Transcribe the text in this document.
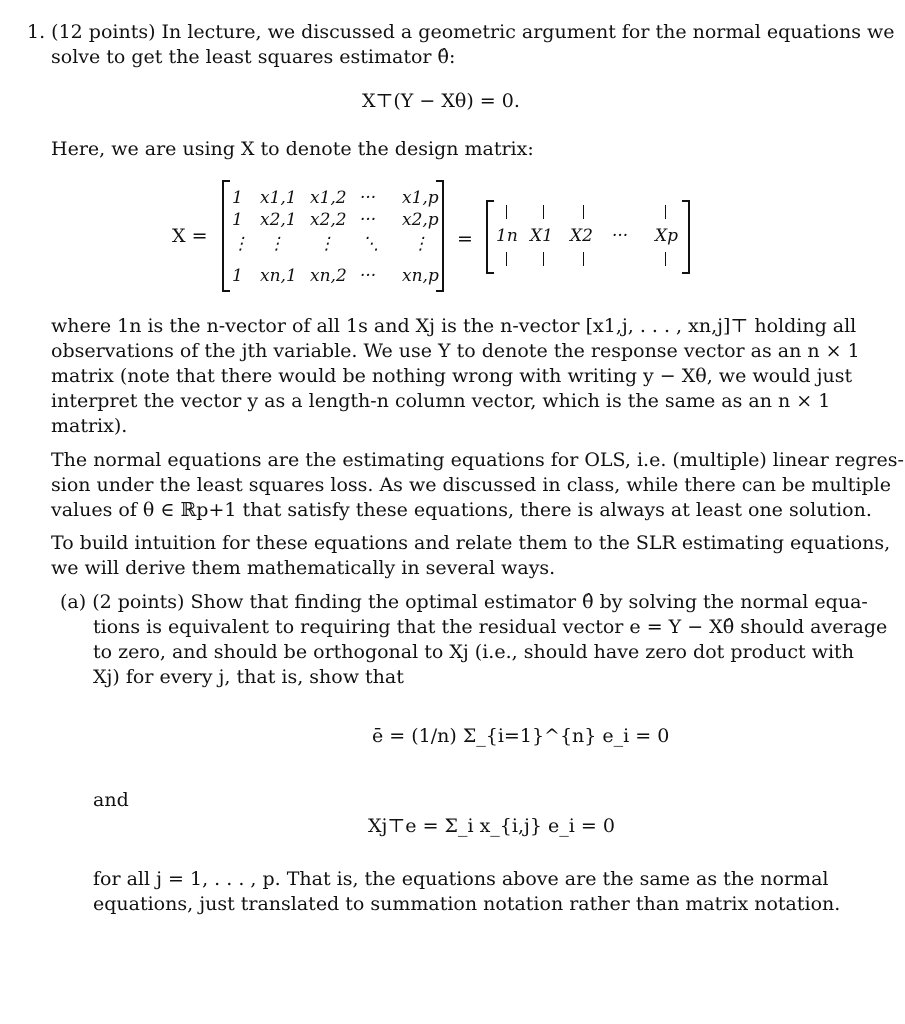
1. (12 points) In lecture, we discussed a geometric argument for the normal equations we
solve to get the least squares estimator θ̂:
X⊤(Y − Xθ) = 0.
Here, we are using X to denote the design matrix:
X =
1 x1,1 x1,2 ··· x1,p
1 x2,1 x2,2 ··· x2,p
⋮ ⋮ ⋮ ⋱ ⋮
1 xn,1 xn,2 ··· xn,p
= 1n X1 X2 ··· Xp
where 1n is the n-vector of all 1s and Xj is the n-vector [x1,j, . . . , xn,j]⊤ holding all
observations of the jth variable. We use Y to denote the response vector as an n × 1
matrix (note that there would be nothing wrong with writing y − Xθ, we would just
interpret the vector y as a length-n column vector, which is the same as an n × 1
matrix).
The normal equations are the estimating equations for OLS, i.e. (multiple) linear regres-
sion under the least squares loss. As we discussed in class, while there can be multiple
values of θ ∈ ℝp+1 that satisfy these equations, there is always at least one solution.
To build intuition for these equations and relate them to the SLR estimating equations,
we will derive them mathematically in several ways.
(a) (2 points) Show that finding the optimal estimator θ̂ by solving the normal equa-
tions is equivalent to requiring that the residual vector e = Y − Xθ̂ should average
to zero, and should be orthogonal to Xj (i.e., should have zero dot product with
Xj) for every j, that is, show that
ē = (1/n) Σ_{i=1}^{n} e_i = 0
and
Xj⊤e = Σ_i x_{i,j} e_i = 0
for all j = 1, . . . , p. That is, the equations above are the same as the normal
equations, just translated to summation notation rather than matrix notation.
